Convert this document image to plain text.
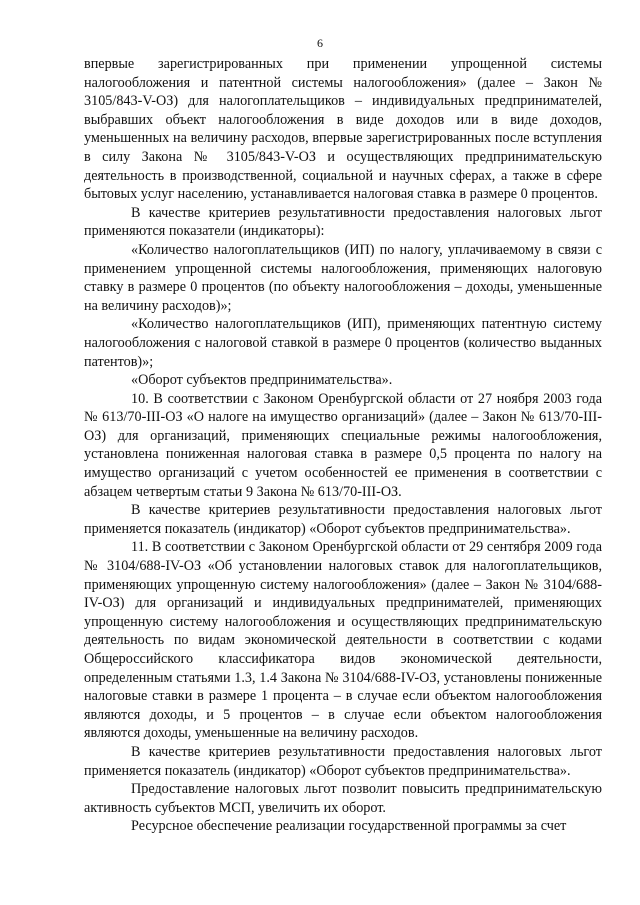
6

впервые зарегистрированных при применении упрощенной системы налогообложения и патентной системы налогообложения» (далее – Закон № 3105/843-V-ОЗ) для налогоплательщиков – индивидуальных предпринимателей, выбравших объект налогообложения в виде доходов или в виде доходов, уменьшенных на величину расходов, впервые зарегистрированных после вступления в силу Закона № 3105/843-V-ОЗ и осуществляющих предпринимательскую деятельность в производственной, социальной и научных сферах, а также в сфере бытовых услуг населению, устанавливается налоговая ставка в размере 0 процентов.

В качестве критериев результативности предоставления налоговых льгот применяются показатели (индикаторы):

«Количество налогоплательщиков (ИП) по налогу, уплачиваемому в связи с применением упрощенной системы налогообложения, применяющих налоговую ставку в размере 0 процентов (по объекту налогообложения – доходы, уменьшенные на величину расходов)»;

«Количество налогоплательщиков (ИП), применяющих патентную систему налогообложения с налоговой ставкой в размере 0 процентов (количество выданных патентов)»;

«Оборот субъектов предпринимательства».

10. В соответствии с Законом Оренбургской области от 27 ноября 2003 года № 613/70-III-ОЗ «О налоге на имущество организаций» (далее – Закон № 613/70-III-ОЗ) для организаций, применяющих специальные режимы налогообложения, установлена пониженная налоговая ставка в размере 0,5 процента по налогу на имущество организаций с учетом особенностей ее применения в соответствии с абзацем четвертым статьи 9 Закона № 613/70-III-ОЗ.

В качестве критериев результативности предоставления налоговых льгот применяется показатель (индикатор) «Оборот субъектов предпринимательства».

11. В соответствии с Законом Оренбургской области от 29 сентября 2009 года № 3104/688-IV-ОЗ «Об установлении налоговых ставок для налогоплательщиков, применяющих упрощенную систему налогообложения» (далее – Закон № 3104/688-IV-ОЗ) для организаций и индивидуальных предпринимателей, применяющих упрощенную систему налогообложения и осуществляющих предпринимательскую деятельность по видам экономической деятельности в соответствии с кодами Общероссийского классификатора видов экономической деятельности, определенным статьями 1.3, 1.4 Закона № 3104/688-IV-ОЗ, установлены пониженные налоговые ставки в размере 1 процента – в случае если объектом налогообложения являются доходы, и 5 процентов – в случае если объектом налогообложения являются доходы, уменьшенные на величину расходов.

В качестве критериев результативности предоставления налоговых льгот применяется показатель (индикатор) «Оборот субъектов предпринимательства».

Предоставление налоговых льгот позволит повысить предпринимательскую активность субъектов МСП, увеличить их оборот.

Ресурсное обеспечение реализации государственной программы за счет
